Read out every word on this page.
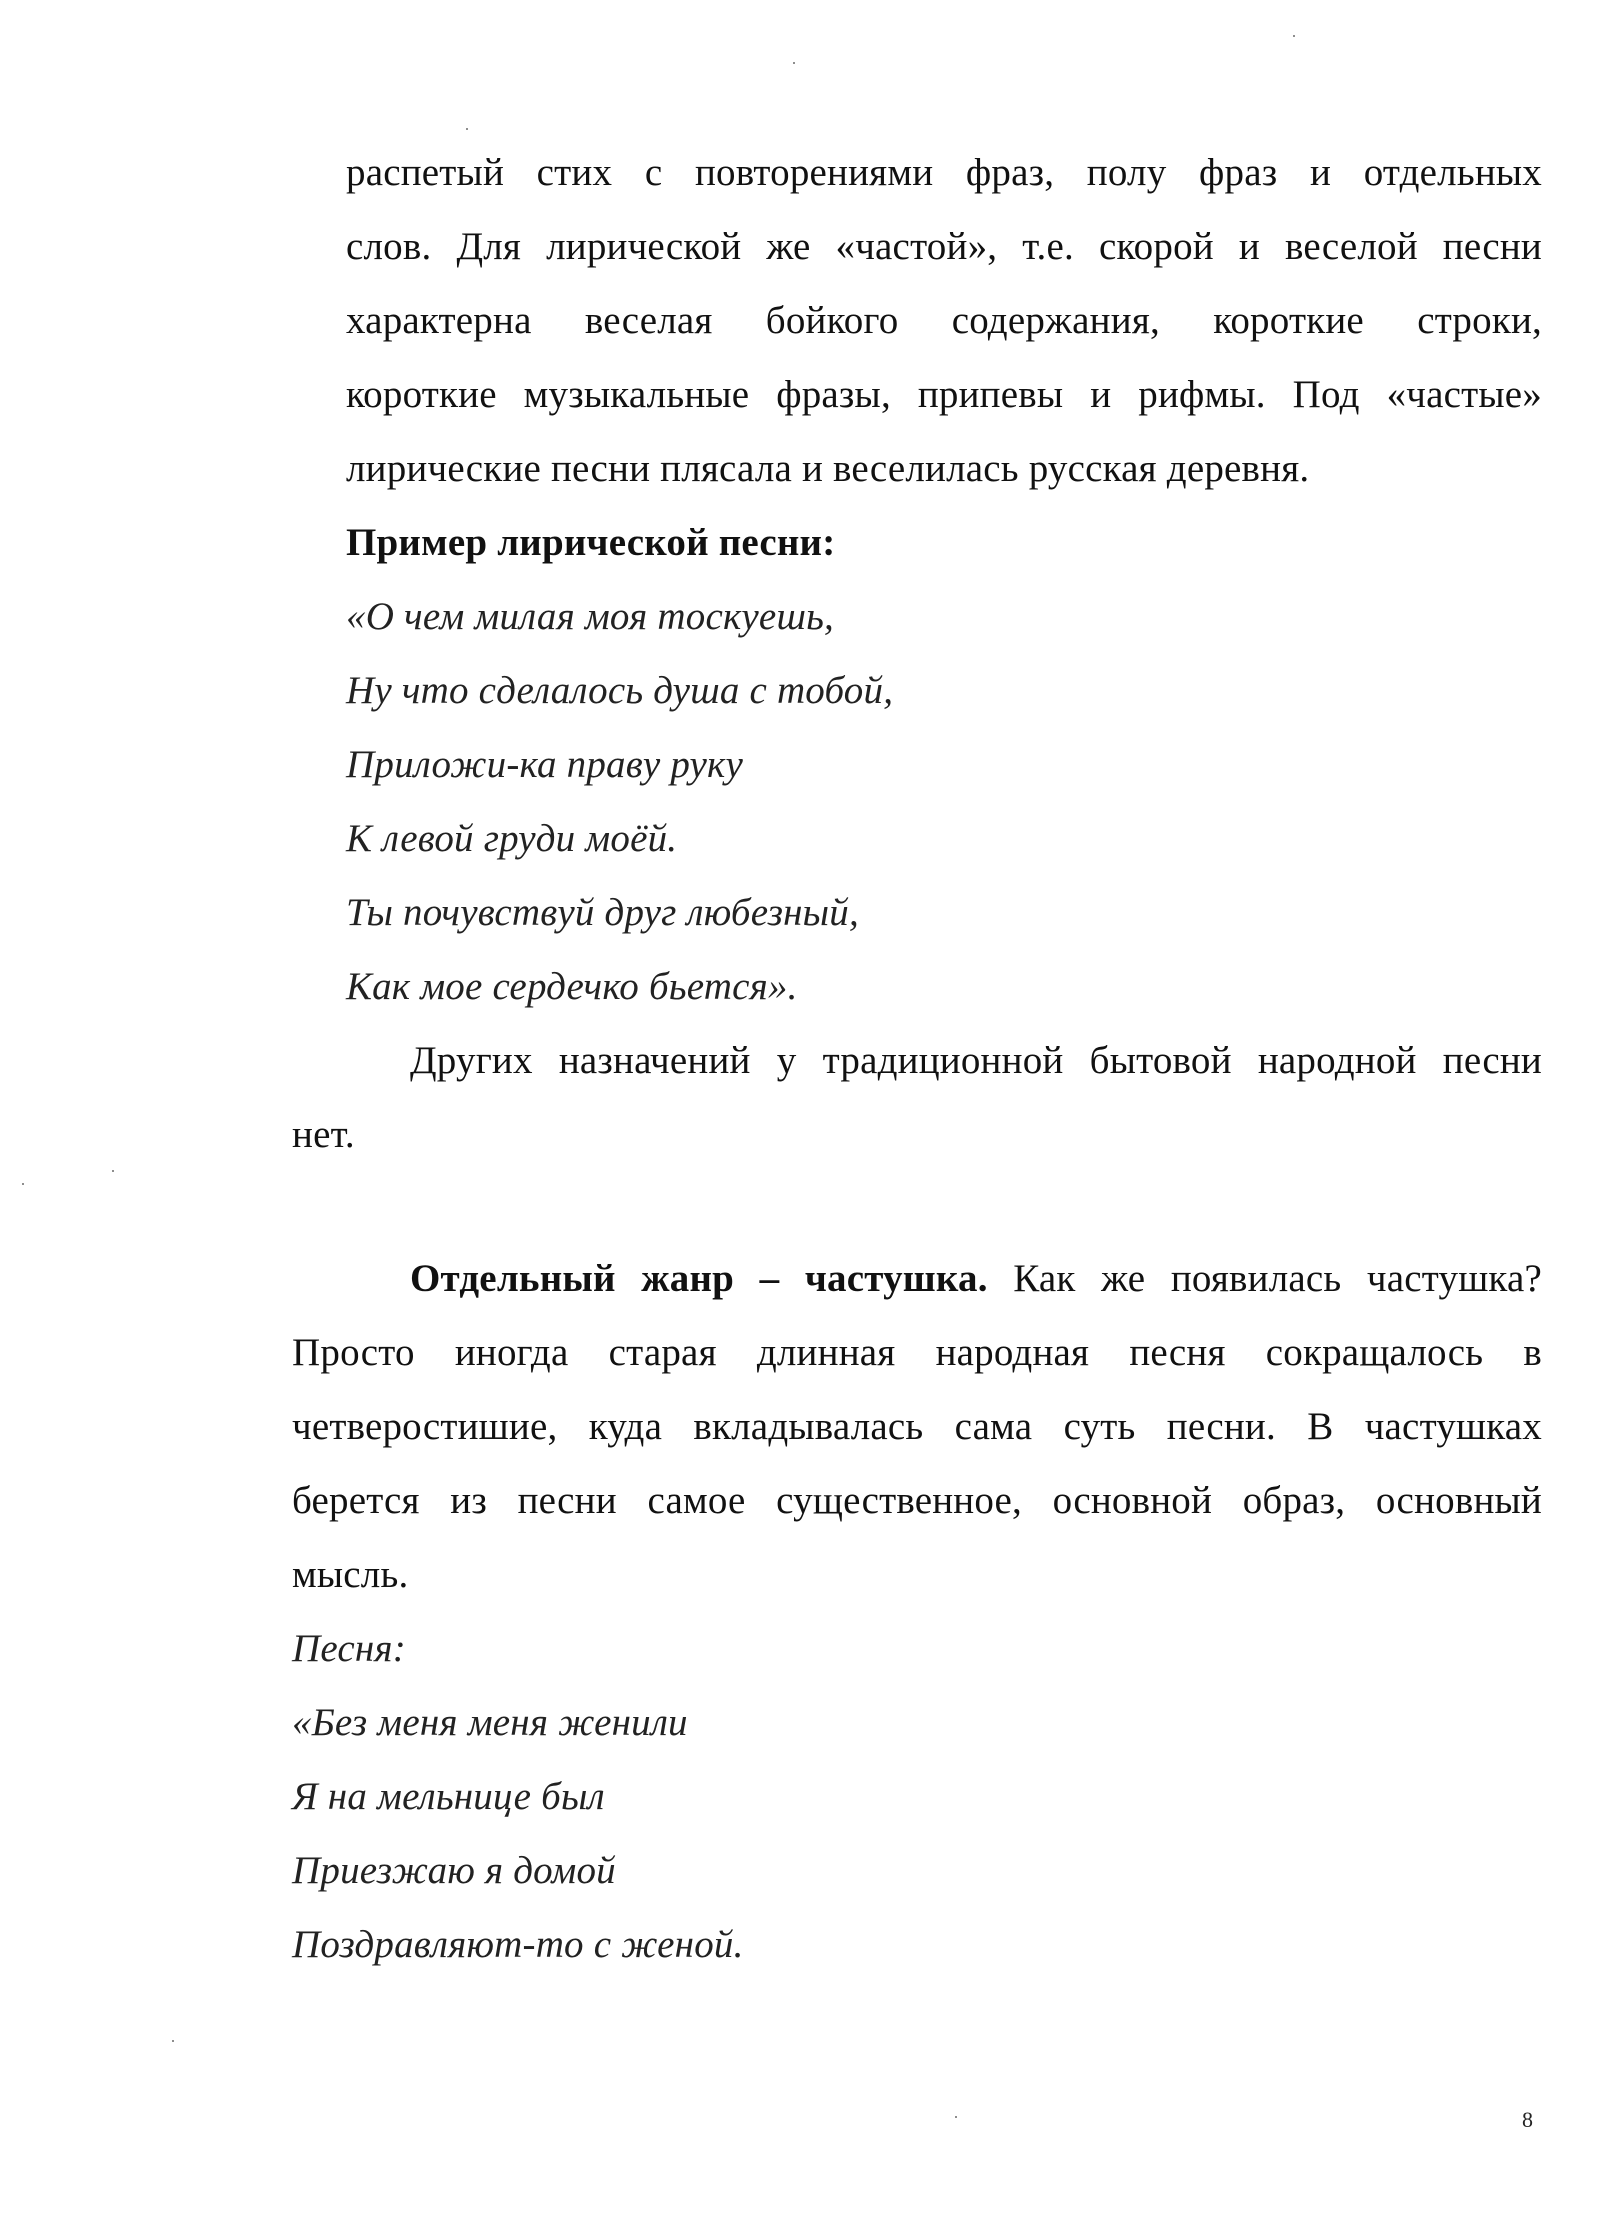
распетый стих с повторениями фраз, полу фраз и отдельных
слов. Для лирической же «частой», т.е. скорой и веселой песни
характерна веселая бойкого содержания, короткие строки,
короткие музыкальные фразы, припевы и рифмы. Под «частые»
лирические песни плясала и веселилась русская деревня.
Пример лирической песни:
«О чем милая моя тоскуешь,
Ну что сделалось душа с тобой,
Приложи-ка праву руку
К левой груди моёй.
Ты почувствуй друг любезный,
Как мое сердечко бьется».
Других назначений у традиционной бытовой народной песни
нет.
Отдельный жанр – частушка. Как же появилась частушка?
Просто иногда старая длинная народная песня сокращалось в
четверостишие, куда вкладывалась сама суть песни. В частушках
берется из песни самое существенное, основной образ, основный
мысль.
Песня:
«Без меня меня женили
Я на мельнице был
Приезжаю я домой
Поздравляют-то с женой.
8
